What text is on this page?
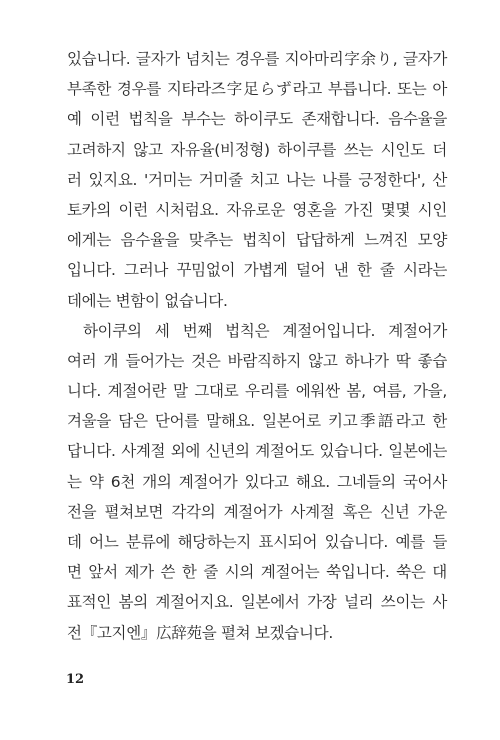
있습니다. 글자가 넘치는 경우를 지아마리字余り, 글자가
부족한 경우를 지타라즈字足らず라고 부릅니다. 또는 아
예 이런 법칙을 부수는 하이쿠도 존재합니다. 음수율을
고려하지 않고 자유율(비정형) 하이쿠를 쓰는 시인도 더
러 있지요. '거미는 거미줄 치고 나는 나를 긍정한다', 산
토카의 이런 시처럼요. 자유로운 영혼을 가진 몇몇 시인
에게는 음수율을 맞추는 법칙이 답답하게 느껴진 모양
입니다. 그러나 꾸밈없이 가볍게 덜어 낸 한 줄 시라는
데에는 변함이 없습니다.
하이쿠의 세 번째 법칙은 계절어입니다. 계절어가
여러 개 들어가는 것은 바람직하지 않고 하나가 딱 좋습
니다. 계절어란 말 그대로 우리를 에워싼 봄, 여름, 가을,
겨울을 담은 단어를 말해요. 일본어로 키고季語라고 한
답니다. 사계절 외에 신년의 계절어도 있습니다. 일본에는
는 약 6천 개의 계절어가 있다고 해요. 그네들의 국어사
전을 펼쳐보면 각각의 계절어가 사계절 혹은 신년 가운
데 어느 분류에 해당하는지 표시되어 있습니다. 예를 들
면 앞서 제가 쓴 한 줄 시의 계절어는 쑥입니다. 쑥은 대
표적인 봄의 계절어지요. 일본에서 가장 널리 쓰이는 사
전『고지엔』広辞苑을 펼쳐 보겠습니다.
12
